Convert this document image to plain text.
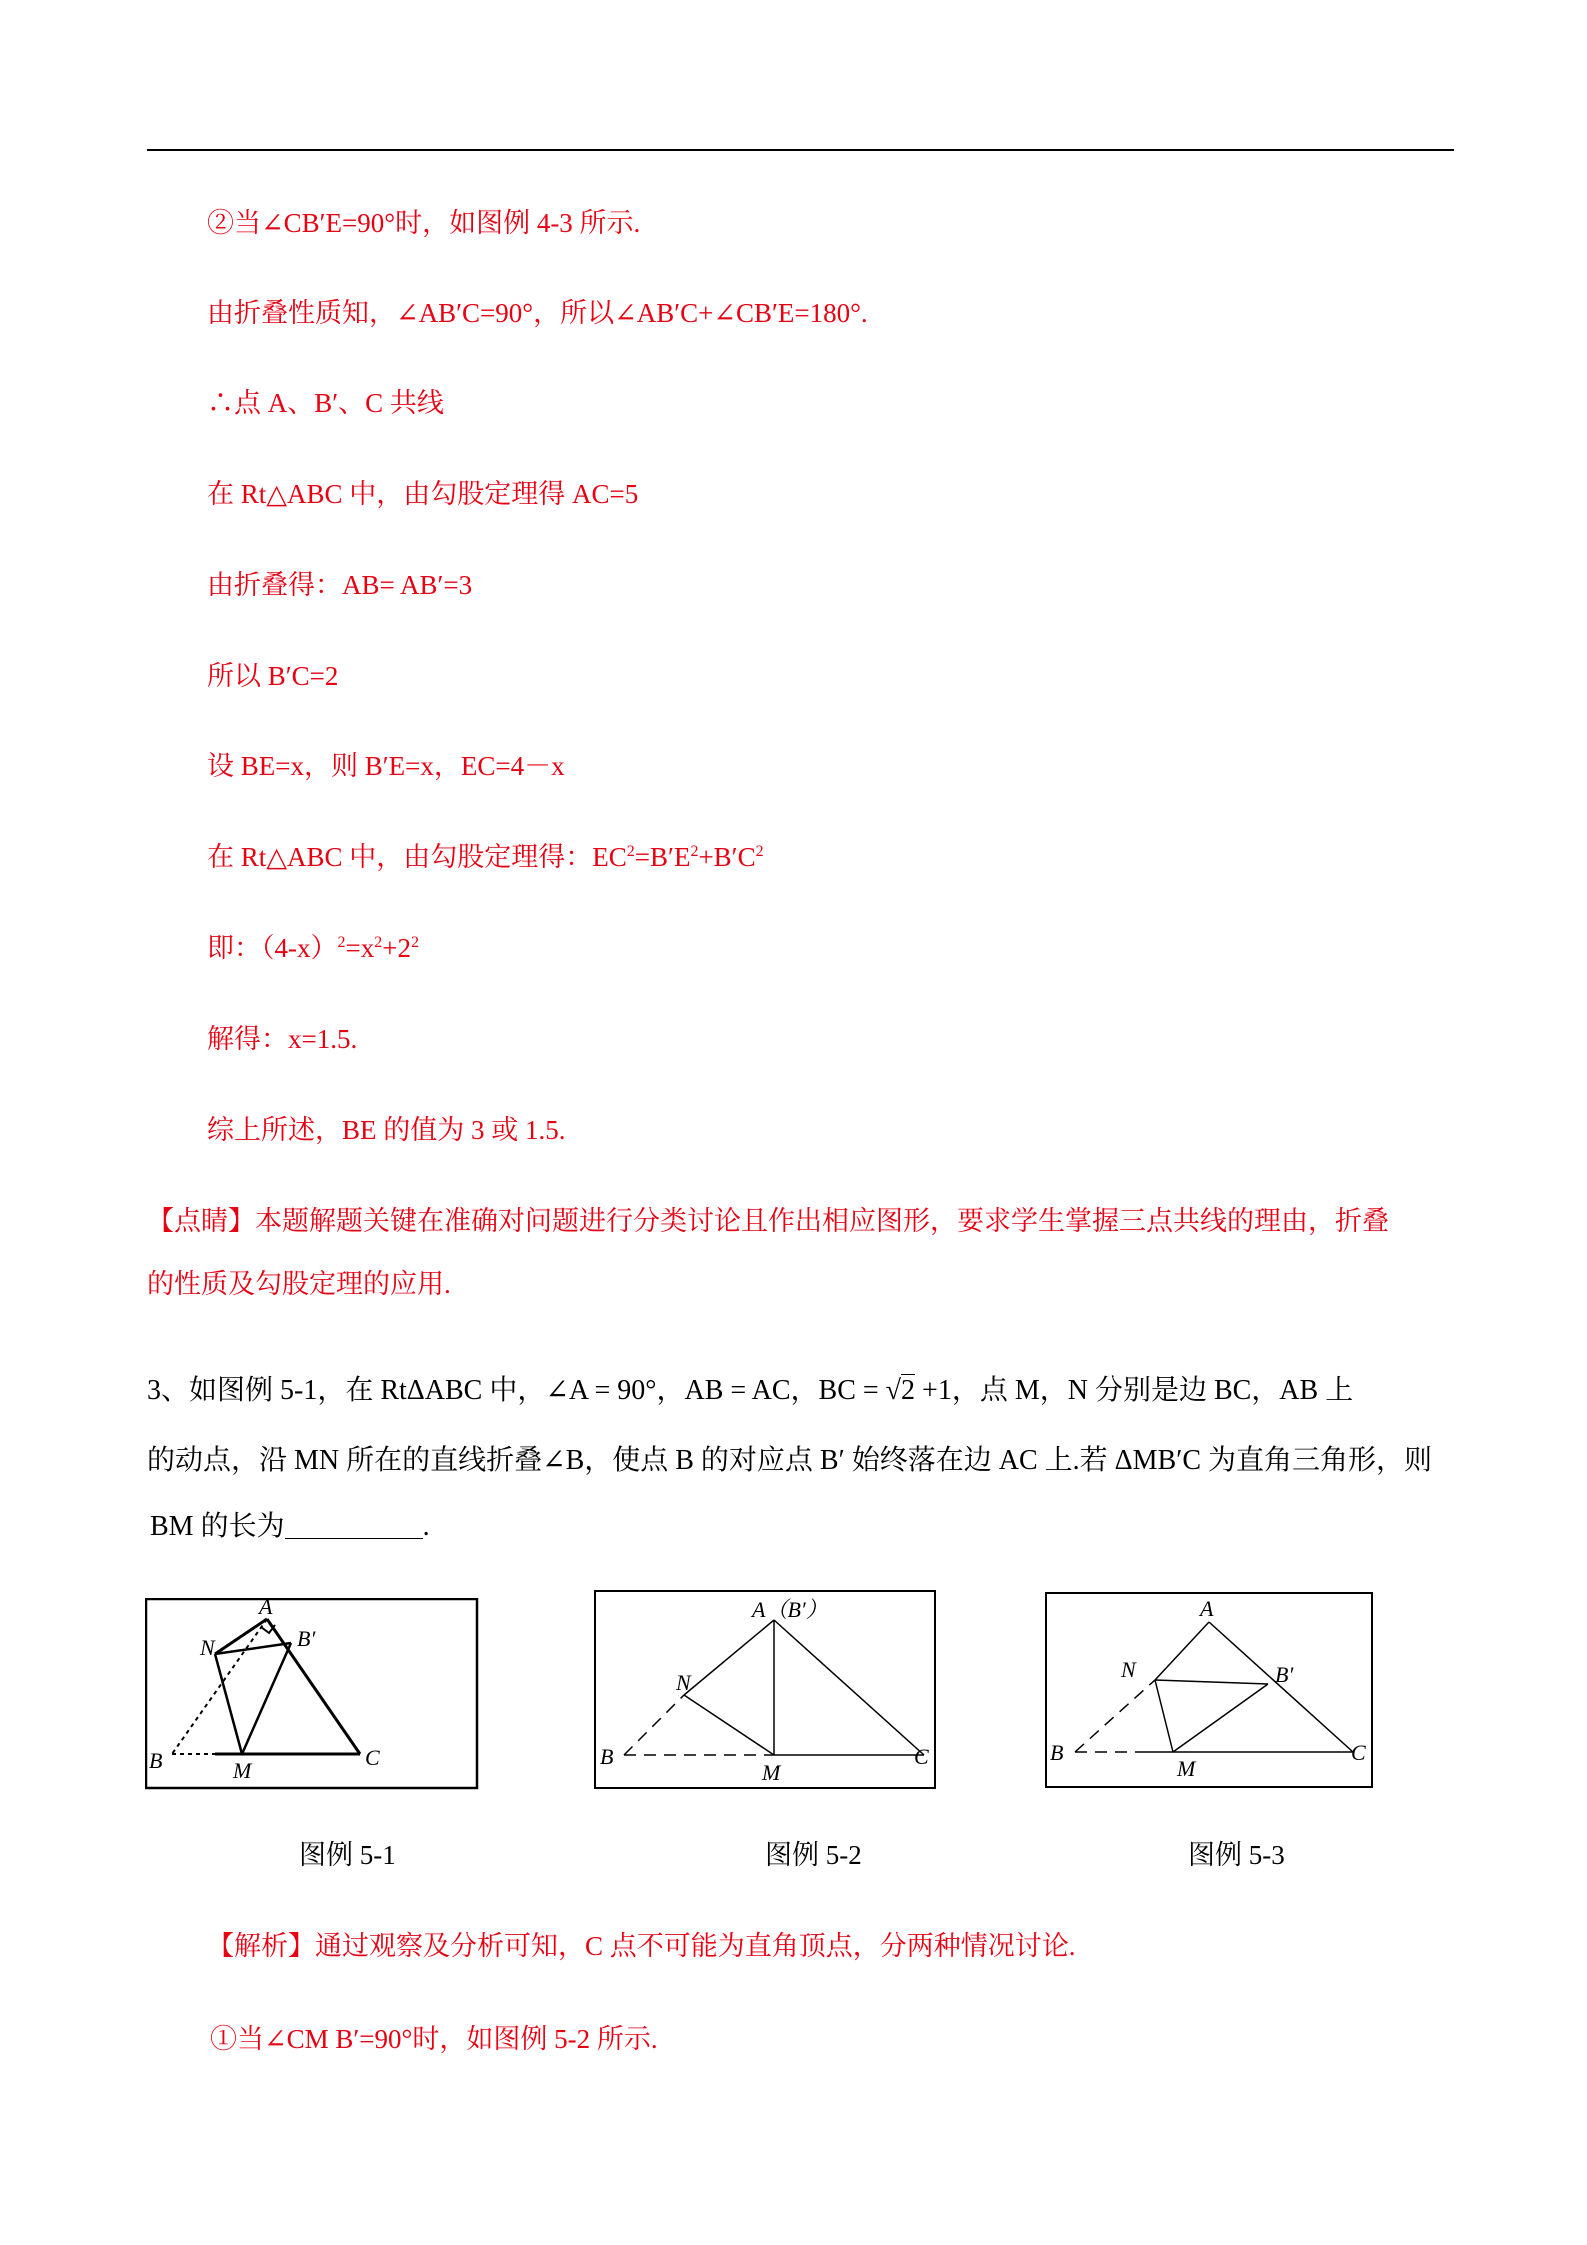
②当∠CB′E=90°时，如图例 4-3 所示.
由折叠性质知，∠AB′C=90°，所以∠AB′C+∠CB′E=180°.
∴点 A、B′、C 共线
在 Rt△ABC 中，由勾股定理得 AC=5
由折叠得：AB= AB′=3
所以 B′C=2
设 BE=x，则 B′E=x，EC=4－x
在 Rt△ABC 中，由勾股定理得：$EC^2=B'E^2+B'C^2$
即：$(4-x)^2=x^2+2^2$
解得：x=1.5.
综上所述，BE 的值为 3 或 1.5.
【点睛】本题解题关键在准确对问题进行分类讨论且作出相应图形，要求学生掌握三点共线的理由，折叠
的性质及勾股定理的应用.
3、如图例 5-1，在 RtΔABC 中，∠A = 90°，AB = AC，BC = √2 +1，点 M，N 分别是边 BC，AB 上
的动点，沿 MN 所在的直线折叠∠B，使点 B 的对应点 B′ 始终落在边 AC 上.若 ΔMB′C 为直角三角形，则
BM 的长为	.
A
B′
N
B	M
C
A（B′）
N
B
M
C
A
B′
N
B
M
C
图例 5-1	图例 5-2	图例 5-3
【解析】通过观察及分析可知，C 点不可能为直角顶点，分两种情况讨论.
①当∠CM B′=90°时，如图例 5-2 所示.
